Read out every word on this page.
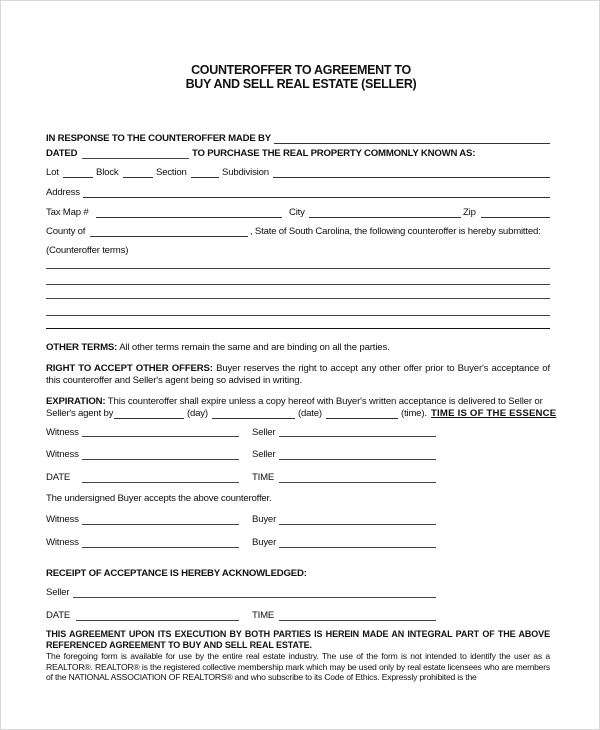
COUNTEROFFER TO AGREEMENT TO
BUY AND SELL REAL ESTATE (SELLER)
IN RESPONSE TO THE COUNTEROFFER MADE BY
DATED	TO PURCHASE THE REAL PROPERTY COMMONLY KNOWN AS:
Lot	Block	Section	Subdivision
Address
Tax Map #	City	Zip
County of	, State of South Carolina, the following counteroffer is hereby submitted:
(Counteroffer terms)
OTHER TERMS: All other terms remain the same and are binding on all the parties.
RIGHT TO ACCEPT OTHER OFFERS: Buyer reserves the right to accept any other offer prior to Buyer's acceptance of this counteroffer and Seller's agent being so advised in writing.
EXPIRATION: This counteroffer shall expire unless a copy hereof with Buyer's written acceptance is delivered to Seller or
Seller's agent by	(day)	(date)	(time). TIME IS OF THE ESSENCE
Witness	Seller
Witness	Seller
DATE	TIME
The undersigned Buyer accepts the above counteroffer.
Witness	Buyer
Witness	Buyer
RECEIPT OF ACCEPTANCE IS HEREBY ACKNOWLEDGED:
Seller
DATE	TIME
THIS AGREEMENT UPON ITS EXECUTION BY BOTH PARTIES IS HEREIN MADE AN INTEGRAL PART OF THE ABOVE REFERENCED AGREEMENT TO BUY AND SELL REAL ESTATE.
The foregoing form is available for use by the entire real estate industry. The use of the form is not intended to identify the user as a REALTOR®. REALTOR® is the registered collective membership mark which may be used only by real estate licensees who are members of the NATIONAL ASSOCIATION OF REALTORS® and who subscribe to its Code of Ethics. Expressly prohibited is the
